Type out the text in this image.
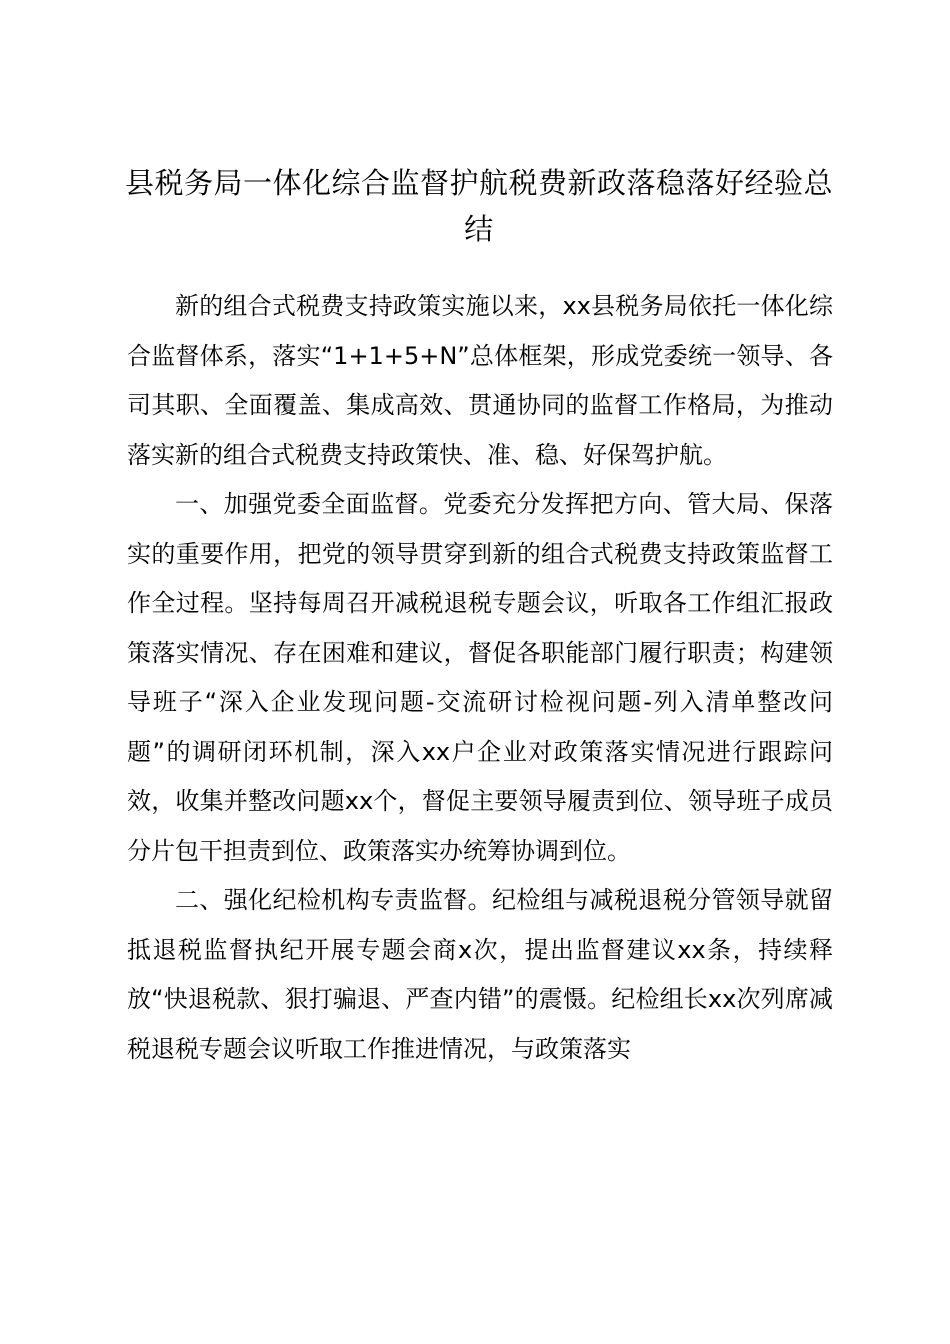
县税务局一体化综合监督护航税费新政落稳落好经验总结

新的组合式税费支持政策实施以来，xx县税务局依托一体化综合监督体系，落实“1+1+5+N”总体框架，形成党委统一领导、各司其职、全面覆盖、集成高效、贯通协同的监督工作格局，为推动落实新的组合式税费支持政策快、准、稳、好保驾护航。

一、加强党委全面监督。党委充分发挥把方向、管大局、保落实的重要作用，把党的领导贯穿到新的组合式税费支持政策监督工作全过程。坚持每周召开减税退税专题会议，听取各工作组汇报政策落实情况、存在困难和建议，督促各职能部门履行职责；构建领导班子“深入企业发现问题-交流研讨检视问题-列入清单整改问题”的调研闭环机制，深入xx户企业对政策落实情况进行跟踪问效，收集并整改问题xx个，督促主要领导履责到位、领导班子成员分片包干担责到位、政策落实办统筹协调到位。

二、强化纪检机构专责监督。纪检组与减税退税分管领导就留抵退税监督执纪开展专题会商x次，提出监督建议xx条，持续释放“快退税款、狠打骗退、严查内错”的震慑。纪检组长xx次列席减税退税专题会议听取工作推进情况，与政策落实
